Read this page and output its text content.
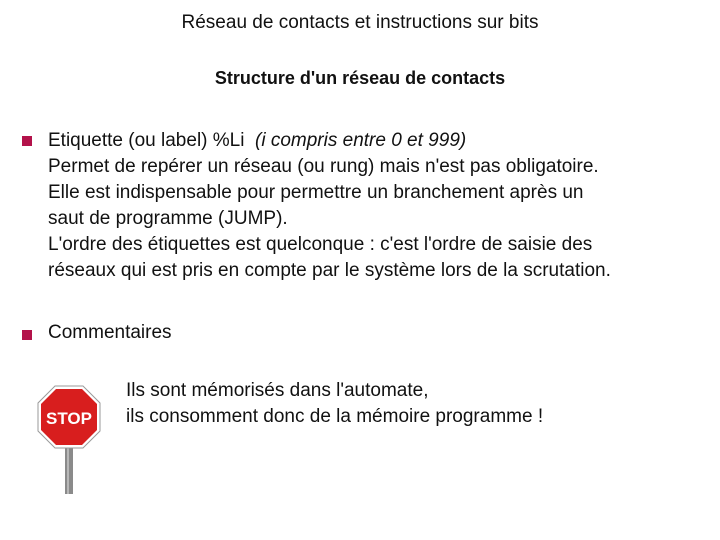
Réseau de contacts et instructions sur bits
Structure d'un réseau de contacts
Etiquette (ou label) %Li (i compris entre 0 et 999)
Permet de repérer un réseau (ou rung) mais n'est pas obligatoire.
Elle est indispensable pour permettre un branchement après un
saut de programme (JUMP).
L'ordre des étiquettes est quelconque : c'est l'ordre de saisie des
réseaux qui est pris en compte par le système lors de la scrutation.
Commentaires
STOP
Ils sont mémorisés dans l'automate,
ils consomment donc de la mémoire programme !
